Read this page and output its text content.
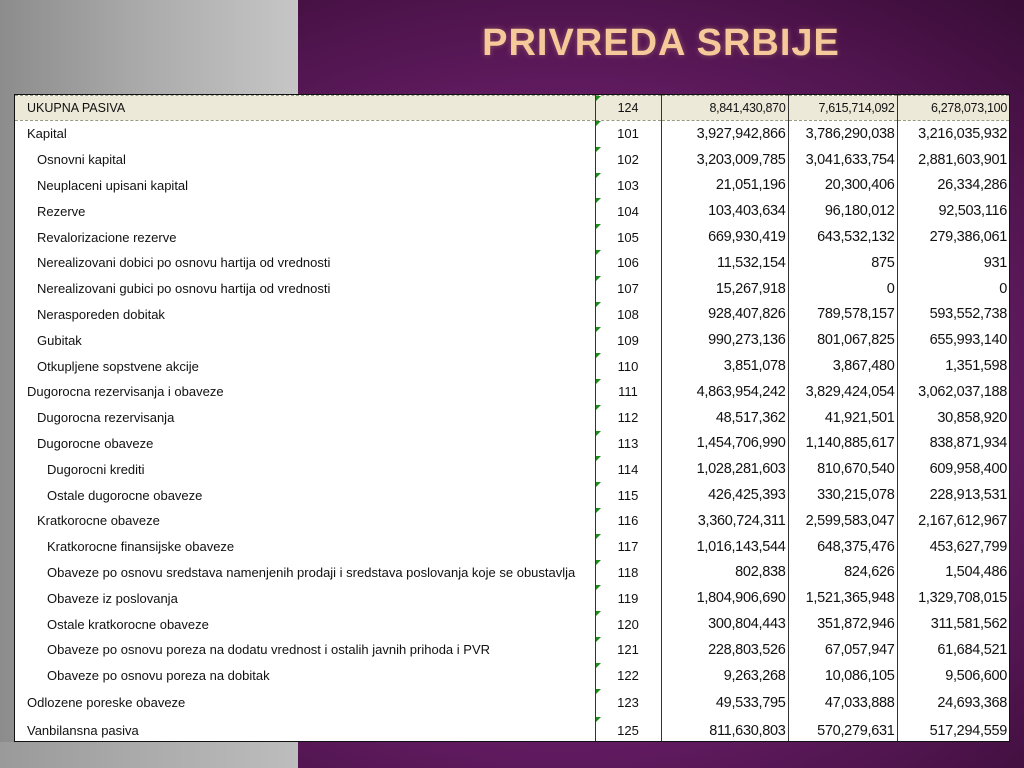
PRIVREDA SRBIJE
UKUPNA PASIVA	124	8,841,430,870	7,615,714,092	6,278,073,100
Kapital	101	3,927,942,866	3,786,290,038	3,216,035,932
Osnovni kapital	102	3,203,009,785	3,041,633,754	2,881,603,901
Neuplaceni upisani kapital	103	21,051,196	20,300,406	26,334,286
Rezerve	104	103,403,634	96,180,012	92,503,116
Revalorizacione rezerve	105	669,930,419	643,532,132	279,386,061
Nerealizovani dobici po osnovu hartija od vrednosti	106	11,532,154	875	931
Nerealizovani gubici po osnovu hartija od vrednosti	107	15,267,918	0	0
Nerasporeden dobitak	108	928,407,826	789,578,157	593,552,738
Gubitak	109	990,273,136	801,067,825	655,993,140
Otkupljene sopstvene akcije	110	3,851,078	3,867,480	1,351,598
Dugorocna rezervisanja i obaveze	111	4,863,954,242	3,829,424,054	3,062,037,188
Dugorocna rezervisanja	112	48,517,362	41,921,501	30,858,920
Dugorocne obaveze	113	1,454,706,990	1,140,885,617	838,871,934
Dugorocni krediti	114	1,028,281,603	810,670,540	609,958,400
Ostale dugorocne obaveze	115	426,425,393	330,215,078	228,913,531
Kratkorocne obaveze	116	3,360,724,311	2,599,583,047	2,167,612,967
Kratkorocne finansijske obaveze	117	1,016,143,544	648,375,476	453,627,799
Obaveze po osnovu sredstava namenjenih prodaji i sredstava poslovanja koje se obustavlja	118	802,838	824,626	1,504,486
Obaveze iz poslovanja	119	1,804,906,690	1,521,365,948	1,329,708,015
Ostale kratkorocne obaveze	120	300,804,443	351,872,946	311,581,562
Obaveze po osnovu poreza na dodatu vrednost i ostalih javnih prihoda i PVR	121	228,803,526	67,057,947	61,684,521
Obaveze po osnovu poreza na dobitak	122	9,263,268	10,086,105	9,506,600
Odlozene poreske obaveze	123	49,533,795	47,033,888	24,693,368
Vanbilansna pasiva	125	811,630,803	570,279,631	517,294,559
